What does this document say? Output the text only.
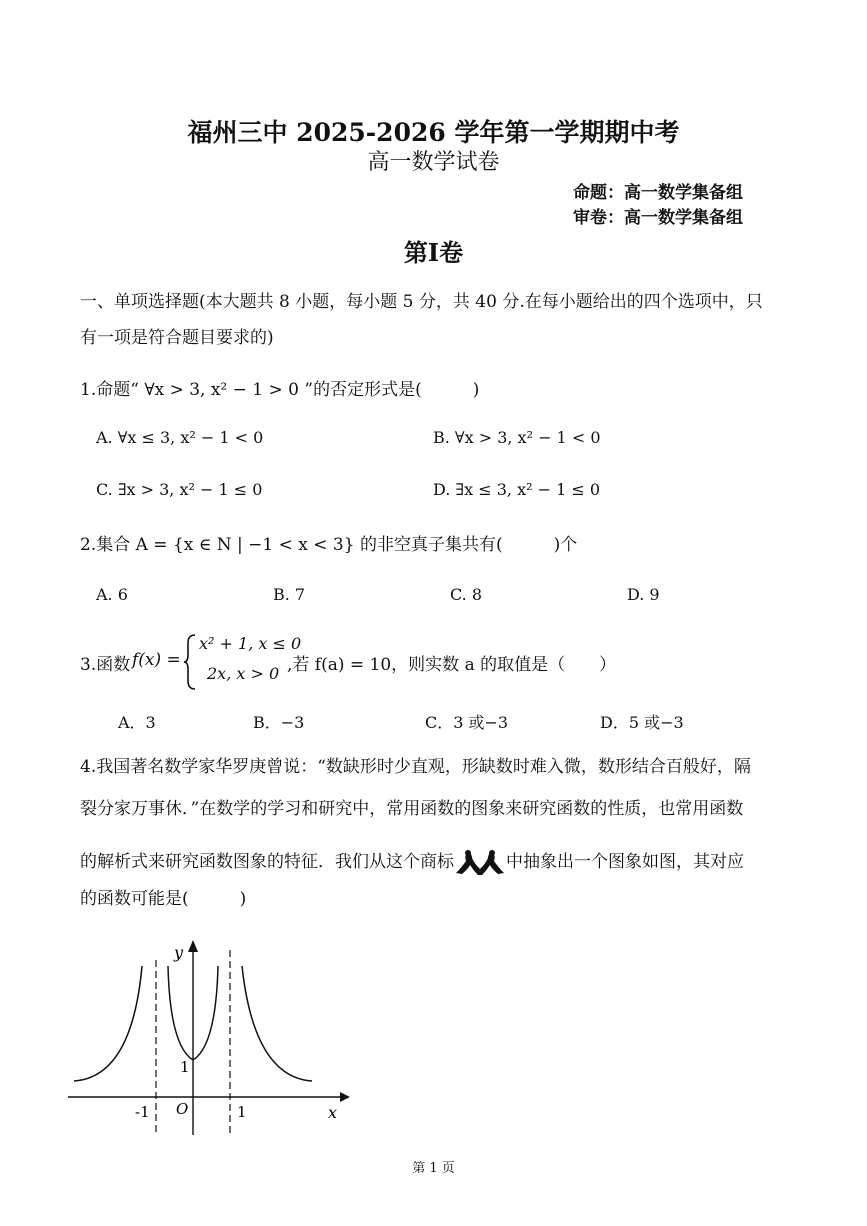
福州三中 2025-2026 学年第一学期期中考
高一数学试卷
命题：高一数学集备组
审卷：高一数学集备组
第I卷
一、单项选择题(本大题共 8 小题，每小题 5 分，共 40 分.在每小题给出的四个选项中，只
有一项是符合题目要求的)
1.命题“ ∀x > 3, x² − 1 > 0 ”的否定形式是(　　　)
A. ∀x ≤ 3, x² − 1 < 0	B. ∀x > 3, x² − 1 < 0
C. ∃x > 3, x² − 1 ≤ 0	D. ∃x ≤ 3, x² − 1 ≤ 0
2.集合 A = {x ∈ N | −1 < x < 3} 的非空真子集共有(　　　)个
A. 6	B. 7	C. 8	D. 9
3.函数 f(x) =
x² + 1, x ≤ 0
2x, x > 0 ,若 f(a) = 10，则实数 a 的取值是（　　）
A．3	B．−3	C．3 或−3	D．5 或−3
4.我国著名数学家华罗庚曾说：“数缺形时少直观，形缺数时难入微，数形结合百般好，隔
裂分家万事休．”在数学的学习和研究中，常用函数的图象来研究函数的性质，也常用函数
的解析式来研究函数图象的特征．我们从这个商标	中抽象出一个图象如图，其对应
的函数可能是(　　　)
y
x
O
-1	1
1
第 1 页
